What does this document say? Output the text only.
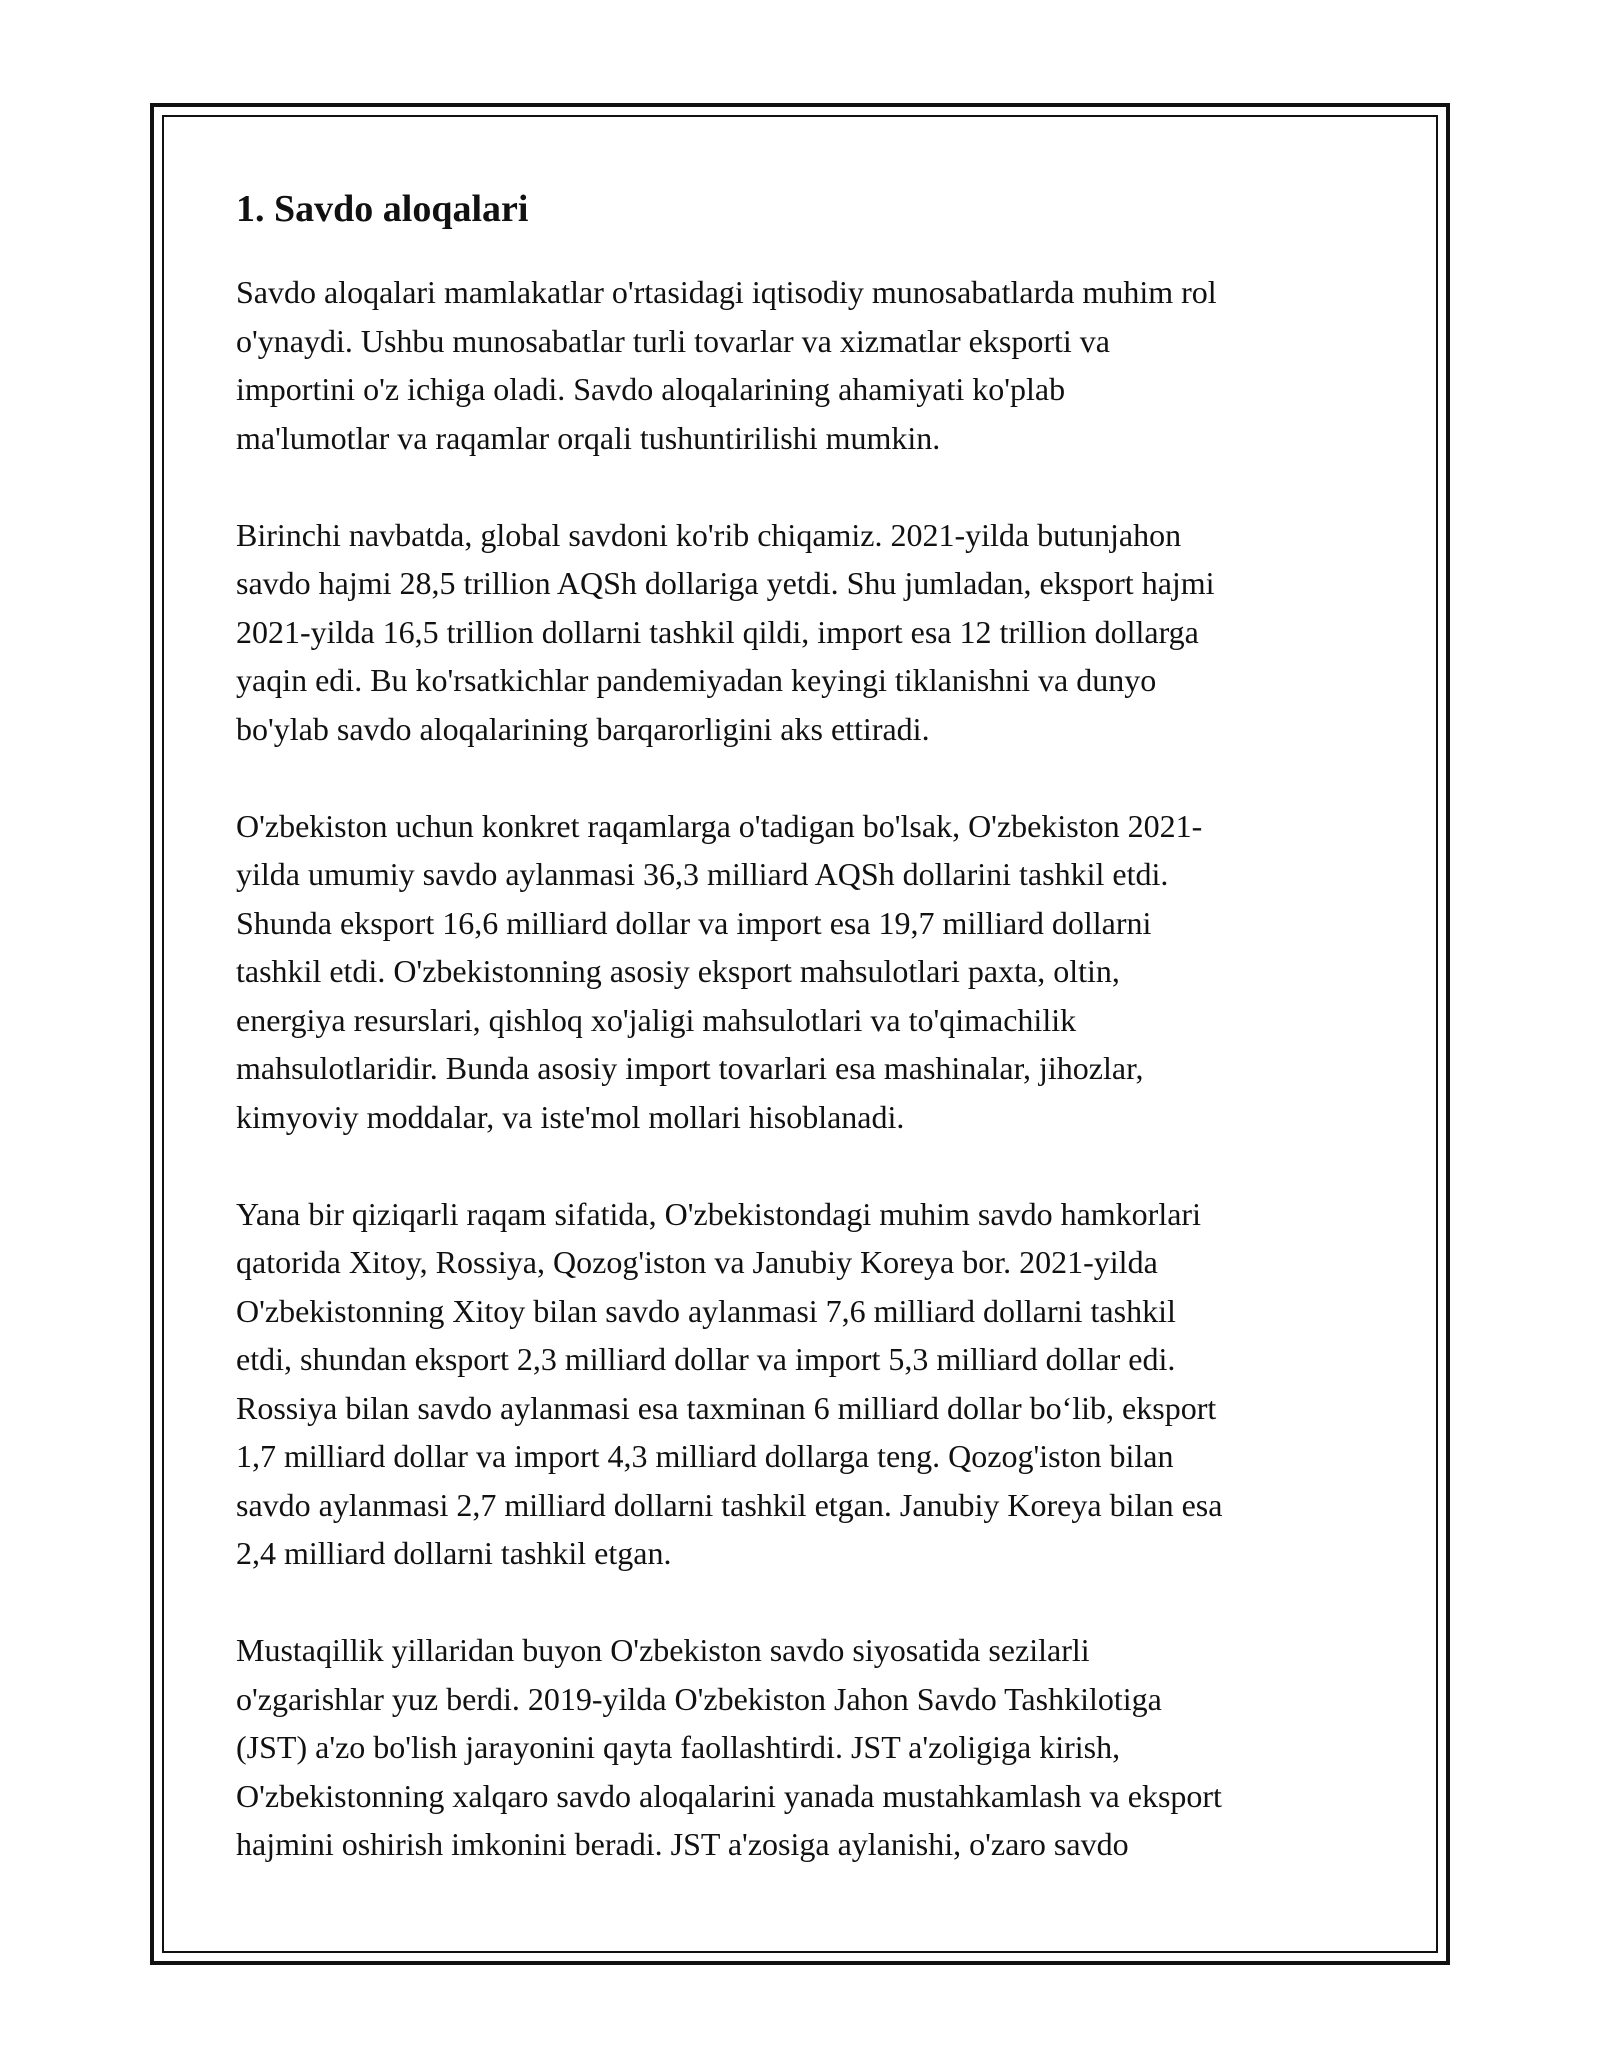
1. Savdo aloqalari

Savdo aloqalari mamlakatlar o'rtasidagi iqtisodiy munosabatlarda muhim rol
o'ynaydi. Ushbu munosabatlar turli tovarlar va xizmatlar eksporti va
importini o'z ichiga oladi. Savdo aloqalarining ahamiyati ko'plab
ma'lumotlar va raqamlar orqali tushuntirilishi mumkin.

Birinchi navbatda, global savdoni ko'rib chiqamiz. 2021-yilda butunjahon
savdo hajmi 28,5 trillion AQSh dollariga yetdi. Shu jumladan, eksport hajmi
2021-yilda 16,5 trillion dollarni tashkil qildi, import esa 12 trillion dollarga
yaqin edi. Bu ko'rsatkichlar pandemiyadan keyingi tiklanishni va dunyo
bo'ylab savdo aloqalarining barqarorligini aks ettiradi.

O'zbekiston uchun konkret raqamlarga o'tadigan bo'lsak, O'zbekiston 2021-
yilda umumiy savdo aylanmasi 36,3 milliard AQSh dollarini tashkil etdi.
Shunda eksport 16,6 milliard dollar va import esa 19,7 milliard dollarni
tashkil etdi. O'zbekistonning asosiy eksport mahsulotlari paxta, oltin,
energiya resurslari, qishloq xo'jaligi mahsulotlari va to'qimachilik
mahsulotlaridir. Bunda asosiy import tovarlari esa mashinalar, jihozlar,
kimyoviy moddalar, va iste'mol mollari hisoblanadi.

Yana bir qiziqarli raqam sifatida, O'zbekistondagi muhim savdo hamkorlari
qatorida Xitoy, Rossiya, Qozog'iston va Janubiy Koreya bor. 2021-yilda
O'zbekistonning Xitoy bilan savdo aylanmasi 7,6 milliard dollarni tashkil
etdi, shundan eksport 2,3 milliard dollar va import 5,3 milliard dollar edi.
Rossiya bilan savdo aylanmasi esa taxminan 6 milliard dollar bo‘lib, eksport
1,7 milliard dollar va import 4,3 milliard dollarga teng. Qozog'iston bilan
savdo aylanmasi 2,7 milliard dollarni tashkil etgan. Janubiy Koreya bilan esa
2,4 milliard dollarni tashkil etgan.

Mustaqillik yillaridan buyon O'zbekiston savdo siyosatida sezilarli
o'zgarishlar yuz berdi. 2019-yilda O'zbekiston Jahon Savdo Tashkilotiga
(JST) a'zo bo'lish jarayonini qayta faollashtirdi. JST a'zoligiga kirish,
O'zbekistonning xalqaro savdo aloqalarini yanada mustahkamlash va eksport
hajmini oshirish imkonini beradi. JST a'zosiga aylanishi, o'zaro savdo
